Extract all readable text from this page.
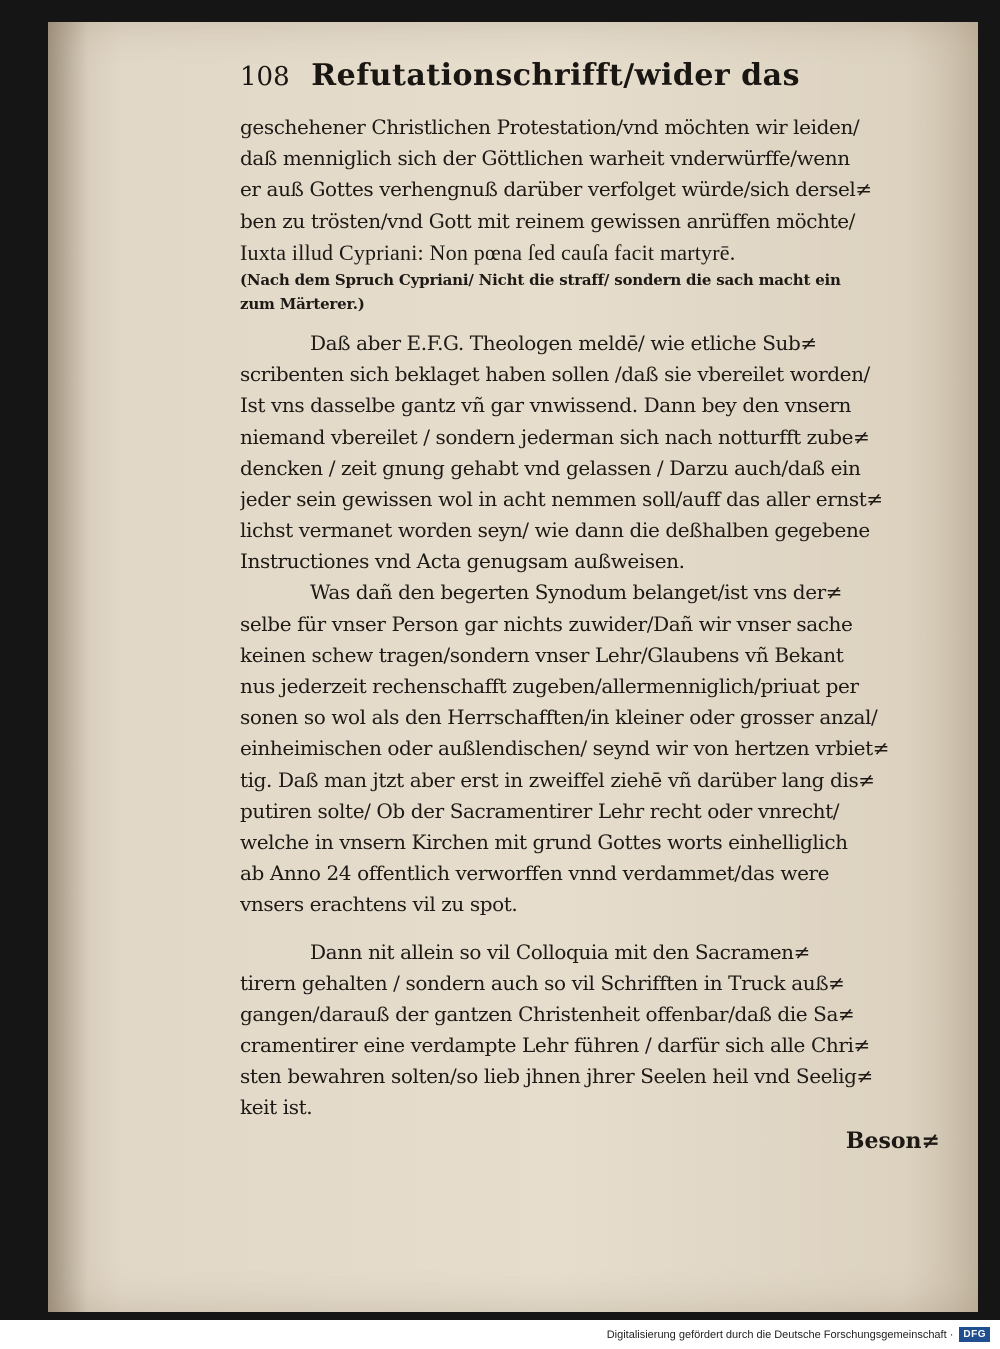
108 Refutationschrifft/wider das
geschehener Christlichen Protestation/vnd möchten wir leiden/
daß menniglich sich der Göttlichen warheit vnderwürffe/wenn
er auß Gottes verhengnuß darüber verfolget würde/sich dersel≠
ben zu trösten/vnd Gott mit reinem gewissen anrüffen möchte/
Iuxta illud Cypriani: Non pœna ſed cauſa facit martyrē.
(Nach dem Spruch Cypriani/ Nicht die straff/ sondern die sach macht ein
zum Märterer.)
Daß aber E.F.G. Theologen meldē/ wie etliche Sub≠
scribenten sich beklaget haben sollen /daß sie vbereilet worden/
Ist vns dasselbe gantz vñ gar vnwissend. Dann bey den vnsern
niemand vbereilet / sondern jederman sich nach notturfft zube≠
dencken / zeit gnung gehabt vnd gelassen / Darzu auch/daß ein
jeder sein gewissen wol in acht nemmen soll/auff das aller ernst≠
lichst vermanet worden seyn/ wie dann die deßhalben gegebene
Instructiones vnd Acta genugsam außweisen.
Was dañ den begerten Synodum belanget/ist vns der≠
selbe für vnser Person gar nichts zuwider/Dañ wir vnser sache
keinen schew tragen/sondern vnser Lehr/Glaubens vñ Bekant
nus jederzeit rechenschafft zugeben/allermenniglich/priuat per
sonen so wol als den Herrschafften/in kleiner oder grosser anzal/
einheimischen oder außlendischen/ seynd wir von hertzen vrbiet≠
tig. Daß man jtzt aber erst in zweiffel ziehē vñ darüber lang dis≠
putiren solte/ Ob der Sacramentirer Lehr recht oder vnrecht/
welche in vnsern Kirchen mit grund Gottes worts einhelliglich
ab Anno 24 offentlich verworffen vnnd verdammet/das were
vnsers erachtens vil zu spot.
Dann nit allein so vil Colloquia mit den Sacramen≠
tirern gehalten / sondern auch so vil Schrifften in Truck auß≠
gangen/darauß der gantzen Christenheit offenbar/daß die Sa≠
cramentirer eine verdampte Lehr führen / darfür sich alle Chri≠
sten bewahren solten/so lieb jhnen jhrer Seelen heil vnd Seelig≠
keit ist.
Beson≠
Digitalisierung gefördert durch die Deutsche Forschungsgemeinschaft ·	DFG
